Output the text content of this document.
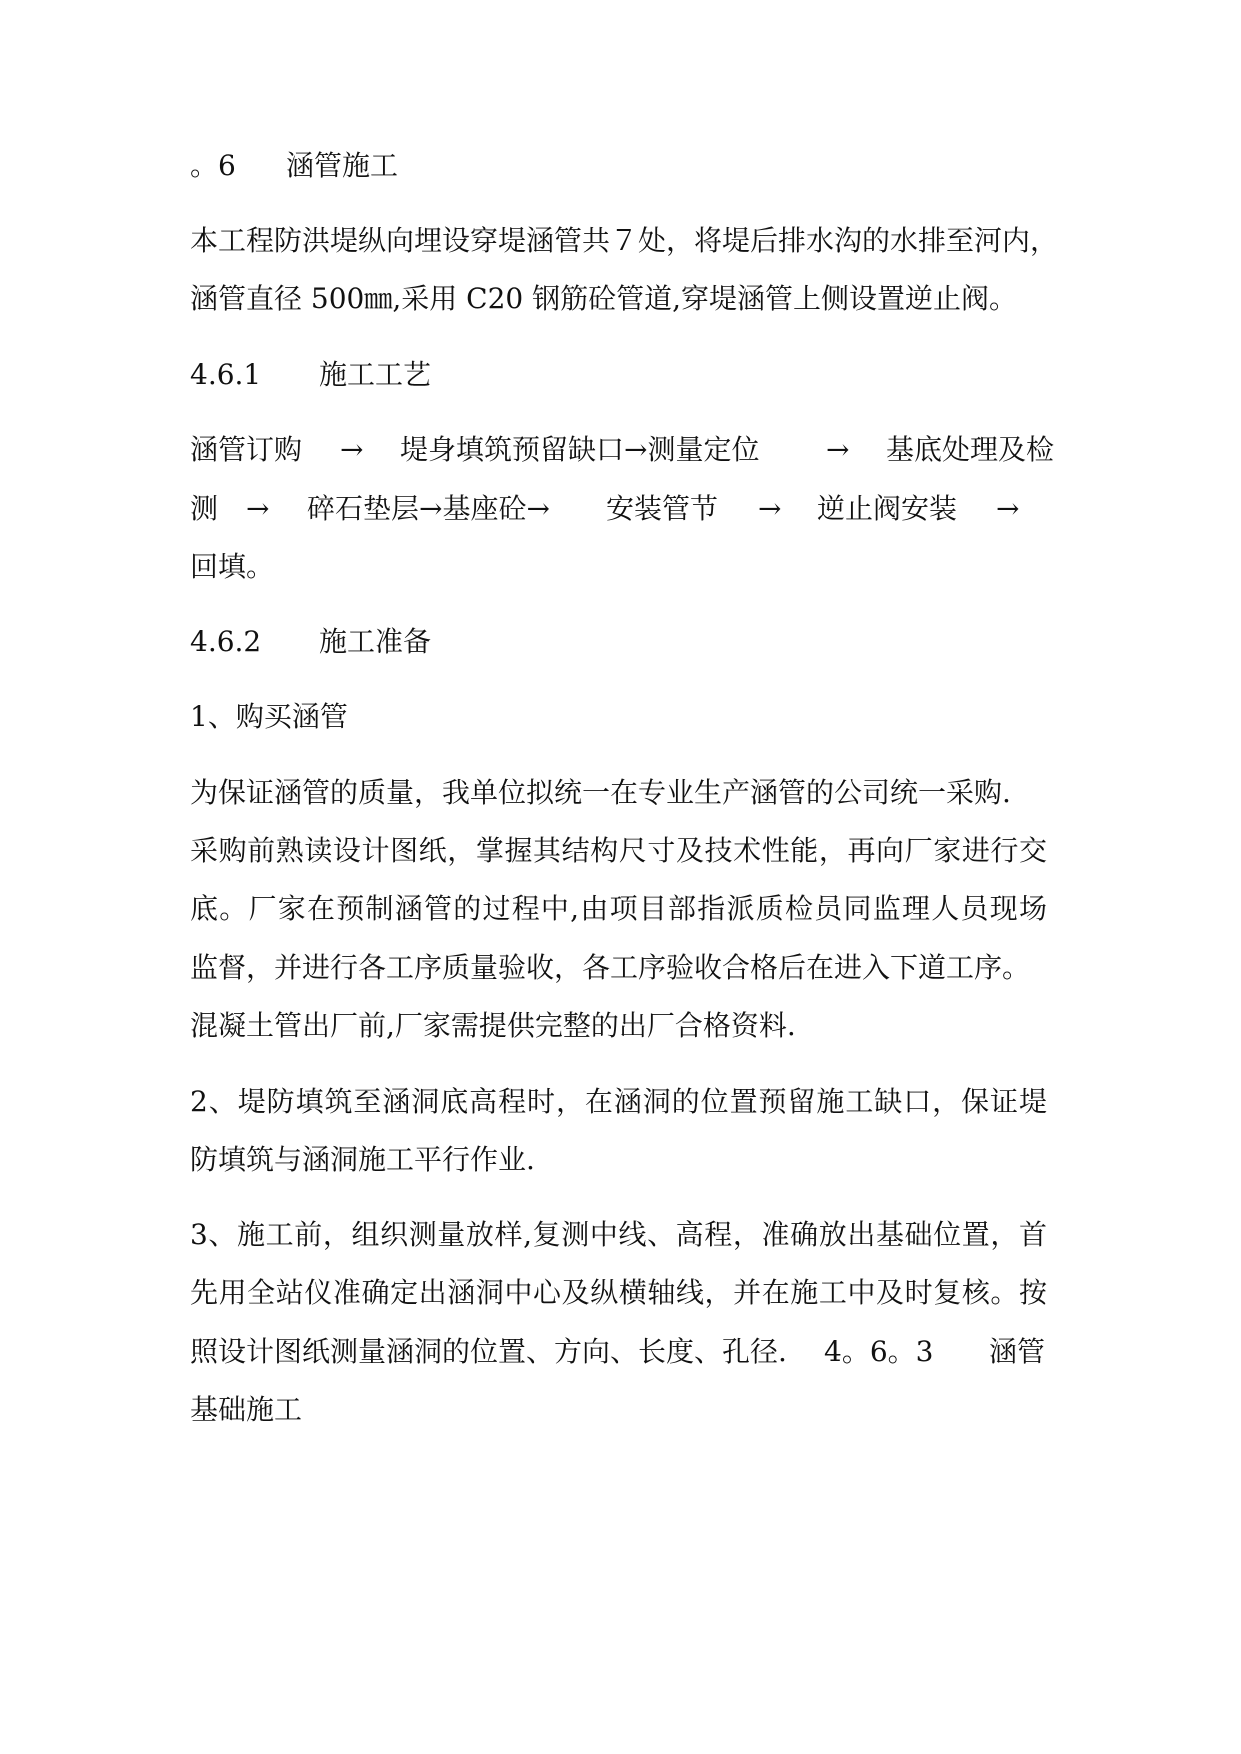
。6 涵管施工
本工程防洪堤纵向埋设穿堤涵管共７处，将堤后排水沟的水排至河内，
涵管直径 500㎜,采用 C20 钢筋砼管道,穿堤涵管上侧设置逆止阀。
4.6.1 施工工艺
涵管订购 → 堤身填筑预留缺口→测量定位 → 基底处理及检
测 → 碎石垫层→基座砼→ 安装管节 → 逆止阀安装 →
回填。
4.6.2 施工准备
1、购买涵管
为保证涵管的质量，我单位拟统一在专业生产涵管的公司统一采购.
采购前熟读设计图纸，掌握其结构尺寸及技术性能，再向厂家进行交
底。厂家在预制涵管的过程中,由项目部指派质检员同监理人员现场
监督，并进行各工序质量验收，各工序验收合格后在进入下道工序。
混凝土管出厂前,厂家需提供完整的出厂合格资料.
2、堤防填筑至涵洞底高程时，在涵洞的位置预留施工缺口，保证堤
防填筑与涵洞施工平行作业.
3、施工前，组织测量放样,复测中线、高程，准确放出基础位置，首
先用全站仪准确定出涵洞中心及纵横轴线，并在施工中及时复核。按
照设计图纸测量涵洞的位置、方向、长度、孔径. 4。6。3 涵管
基础施工
